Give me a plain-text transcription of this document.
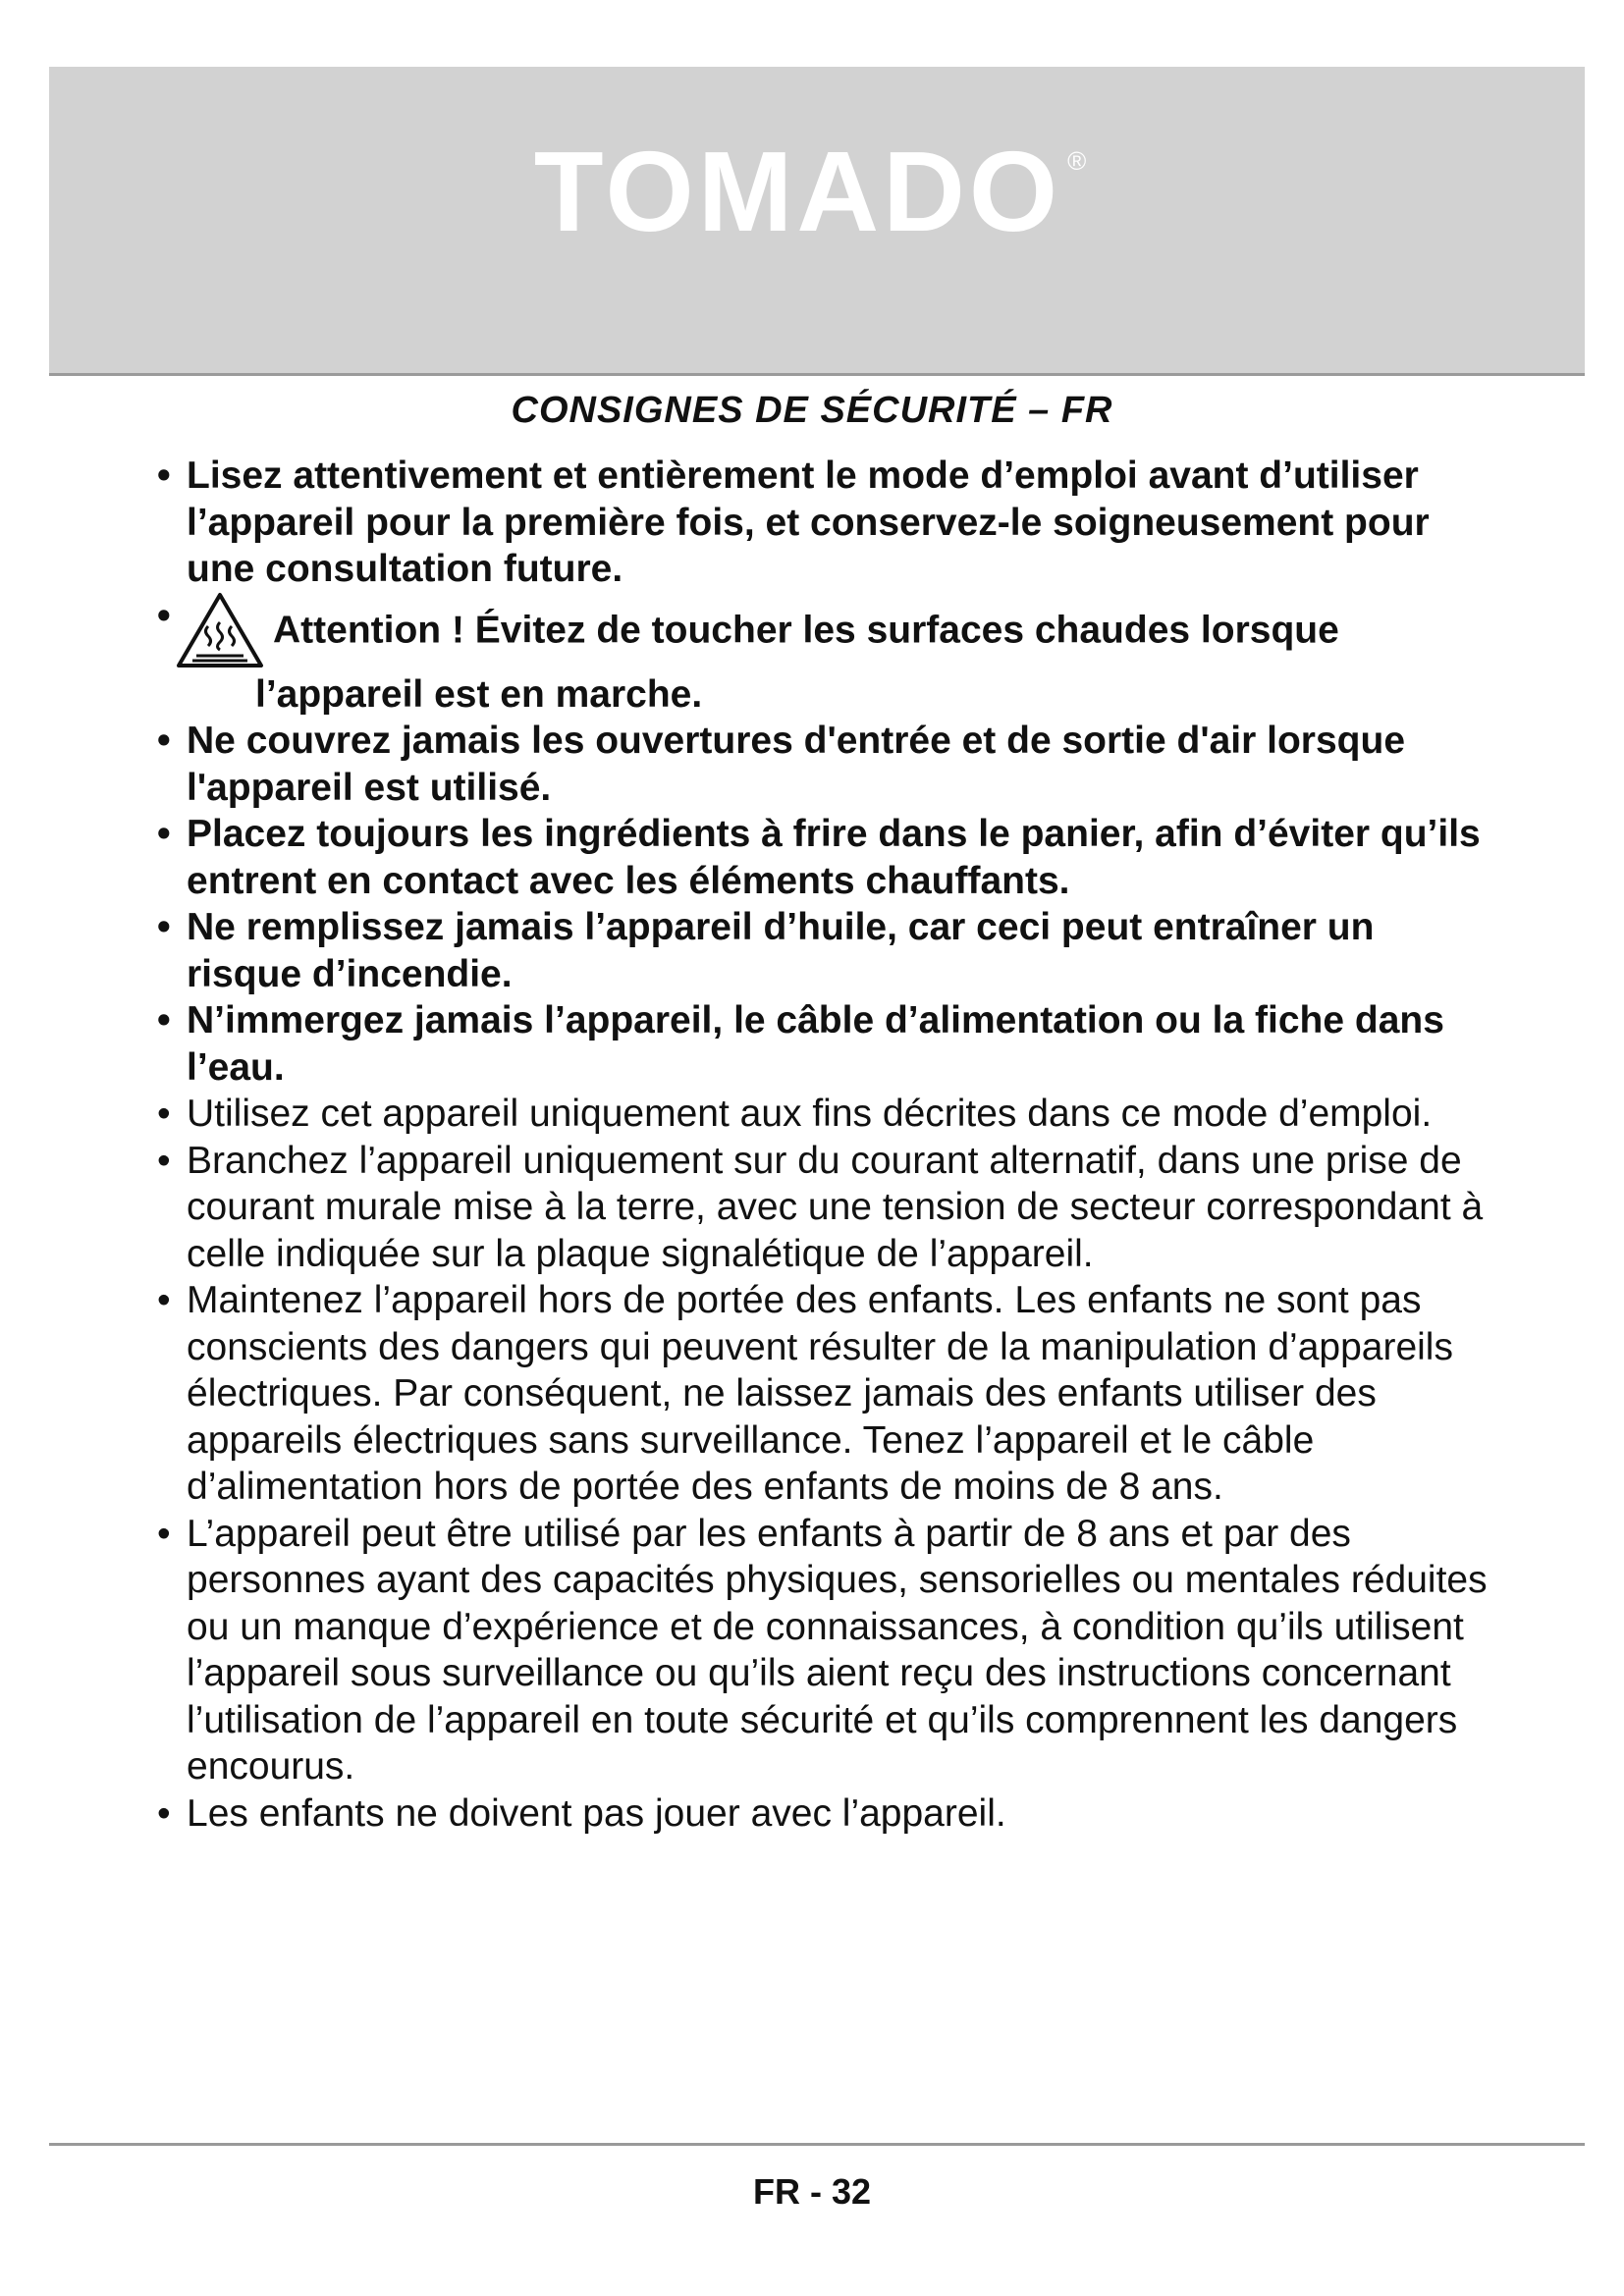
TOMADO ®
CONSIGNES DE SÉCURITÉ – FR
• Lisez attentivement et entièrement le mode d’emploi avant d’utiliser l’appareil pour la première fois, et conservez-le soigneusement pour une consultation future.
•	Attention ! Évitez de toucher les surfaces chaudes lorsque
l’appareil est en marche.
• Ne couvrez jamais les ouvertures d'entrée et de sortie d'air lorsque l'appareil est utilisé.
• Placez toujours les ingrédients à frire dans le panier, afin d’éviter qu’ils entrent en contact avec les éléments chauffants.
• Ne remplissez jamais l’appareil d’huile, car ceci peut entraîner un risque d’incendie.
• N’immergez jamais l’appareil, le câble d’alimentation ou la fiche dans l’eau.
• Utilisez cet appareil uniquement aux fins décrites dans ce mode d’emploi.
• Branchez l’appareil uniquement sur du courant alternatif, dans une prise de courant murale mise à la terre, avec une tension de secteur correspondant à celle indiquée sur la plaque signalétique de l’appareil.
• Maintenez l’appareil hors de portée des enfants. Les enfants ne sont pas conscients des dangers qui peuvent résulter de la manipulation d’appareils électriques. Par conséquent, ne laissez jamais des enfants utiliser des appareils électriques sans surveillance. Tenez l’appareil et le câble d’alimentation hors de portée des enfants de moins de 8 ans.
• L’appareil peut être utilisé par les enfants à partir de 8 ans et par des personnes ayant des capacités physiques, sensorielles ou mentales réduites ou un manque d’expérience et de connaissances, à condition qu’ils utilisent l’appareil sous surveillance ou qu’ils aient reçu des instructions concernant l’utilisation de l’appareil en toute sécurité et qu’ils comprennent les dangers encourus.
• Les enfants ne doivent pas jouer avec l’appareil.
FR - 32
